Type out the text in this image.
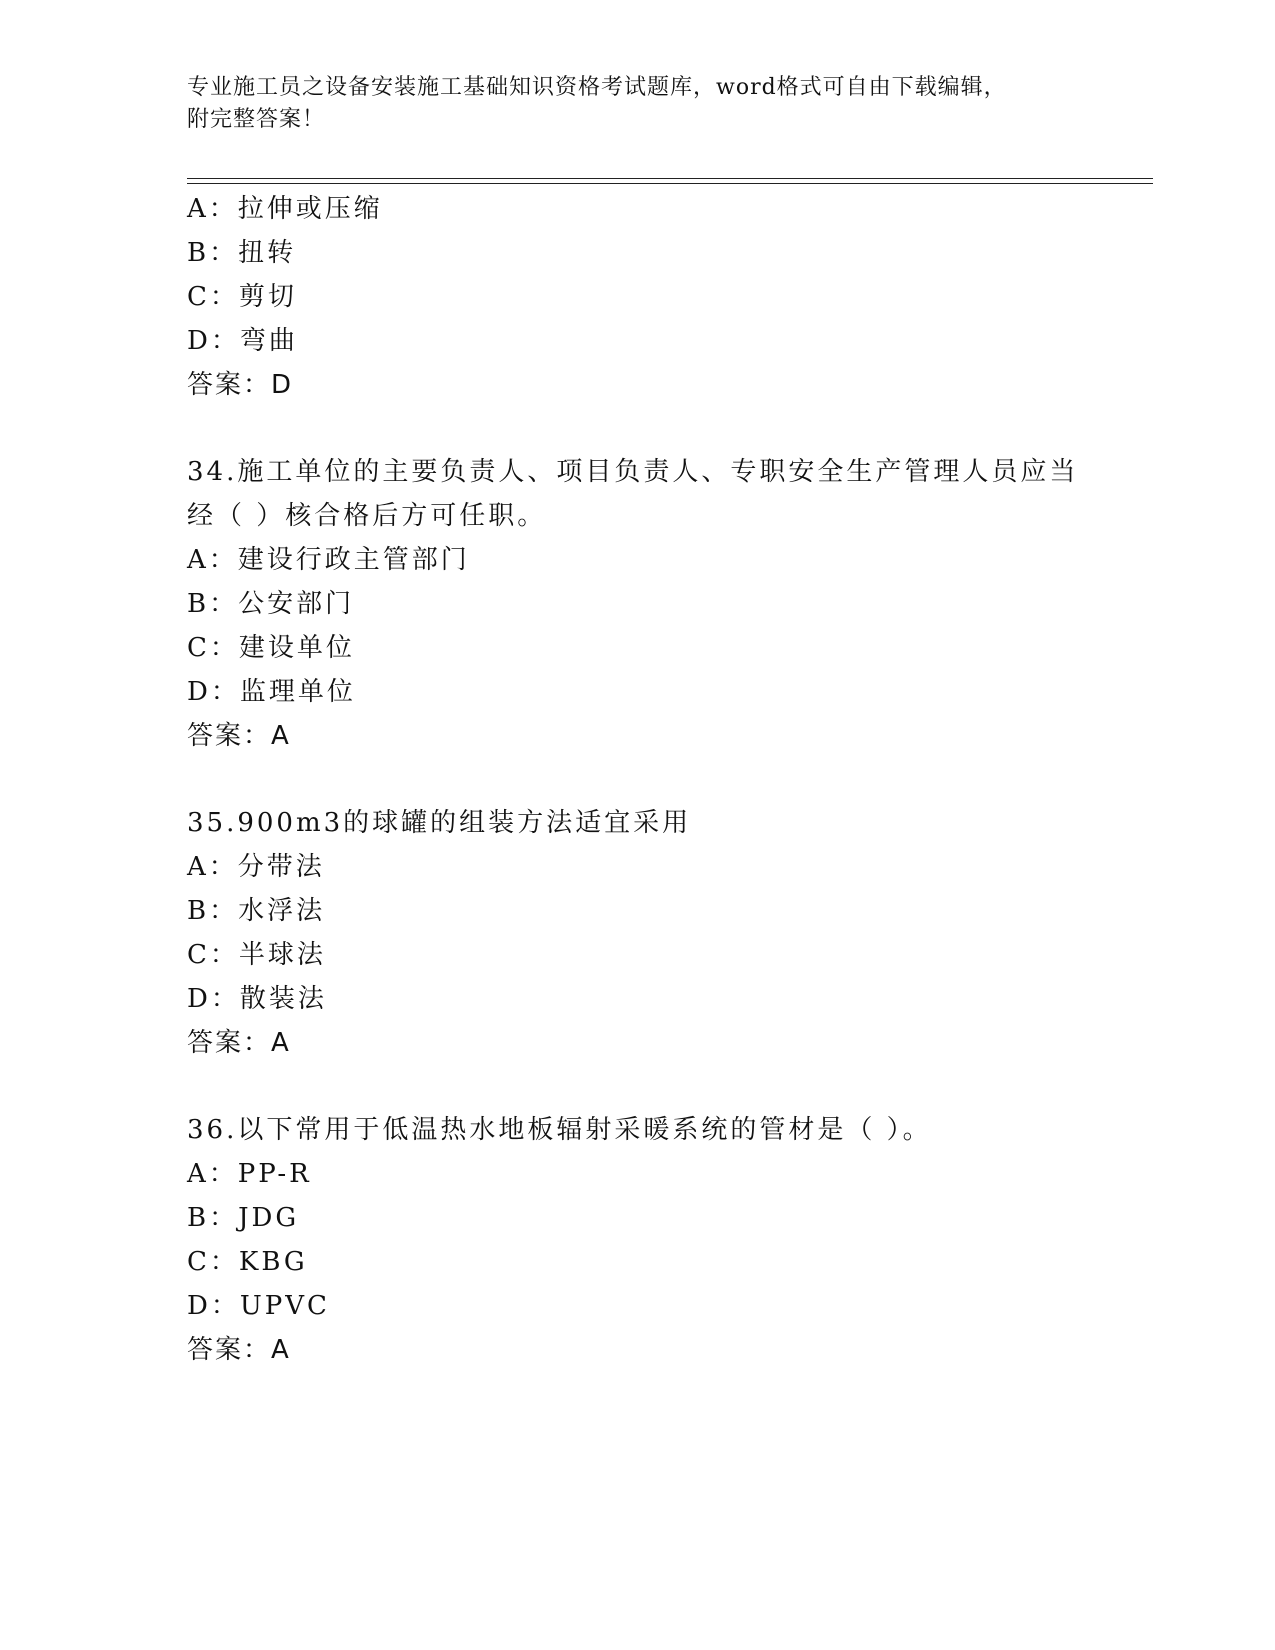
专业施工员之设备安装施工基础知识资格考试题库，word格式可自由下载编辑，
附完整答案！
A：拉伸或压缩
B：扭转
C：剪切
D：弯曲
答案：D
34.施工单位的主要负责人、项目负责人、专职安全生产管理人员应当
经（ ）核合格后方可任职。
A：建设行政主管部门
B：公安部门
C：建设单位
D：监理单位
答案：A
35.900m3的球罐的组装方法适宜采用
A：分带法
B：水浮法
C：半球法
D：散装法
答案：A
36.以下常用于低温热水地板辐射采暖系统的管材是（ ）。
A：PP-R
B：JDG
C：KBG
D：UPVC
答案：A
